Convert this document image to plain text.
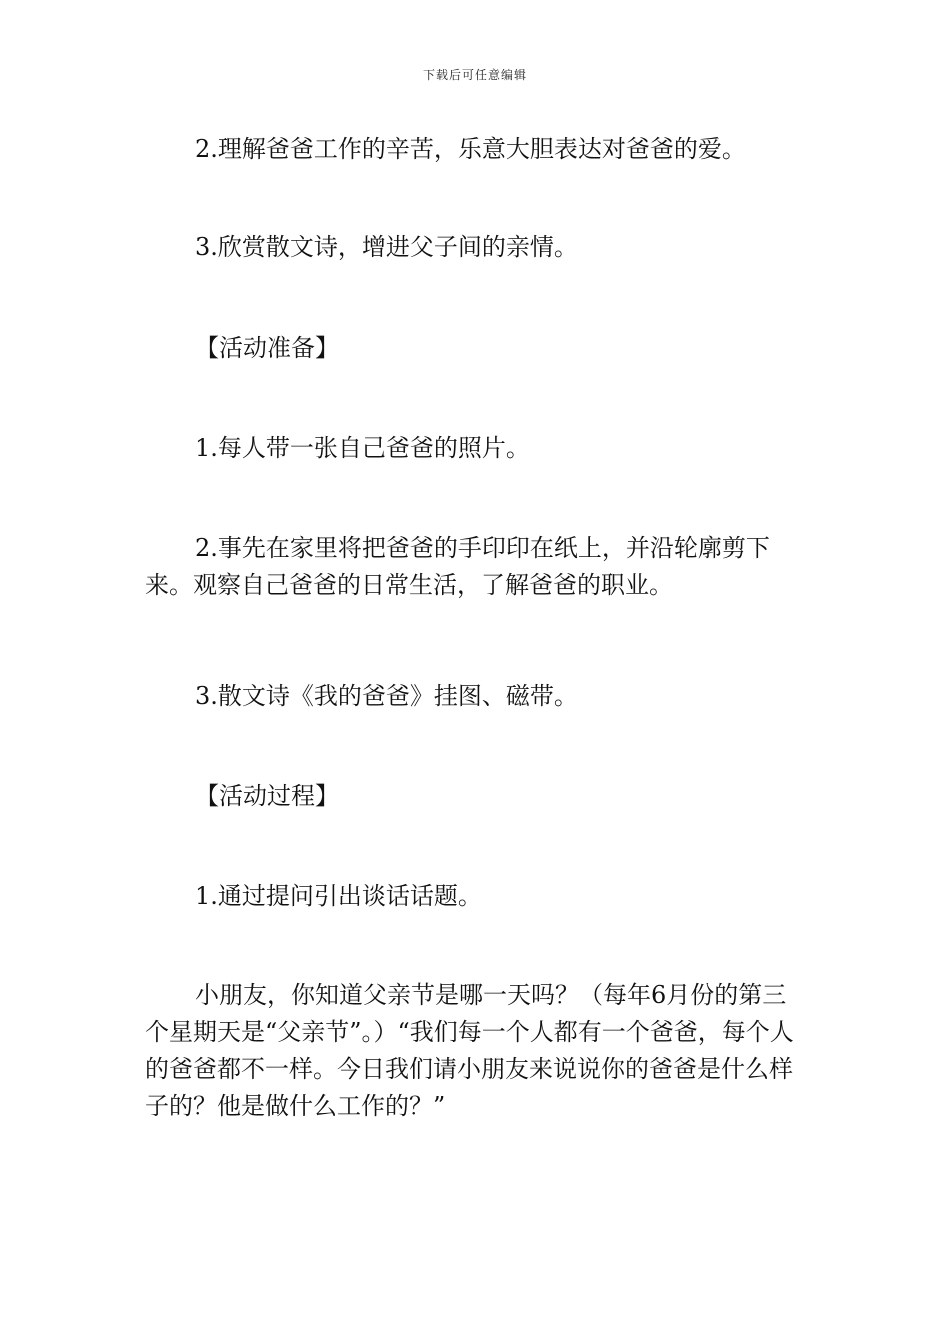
下载后可任意编辑

2.理解爸爸工作的辛苦，乐意大胆表达对爸爸的爱。

3.欣赏散文诗，增进父子间的亲情。

【活动准备】

1.每人带一张自己爸爸的照片。

2.事先在家里将把爸爸的手印印在纸上，并沿轮廓剪下来。观察自己爸爸的日常生活，了解爸爸的职业。

3.散文诗《我的爸爸》挂图、磁带。

【活动过程】

1.通过提问引出谈话话题。

小朋友，你知道父亲节是哪一天吗？（每年6月份的第三个星期天是“父亲节”。）“我们每一个人都有一个爸爸，每个人的爸爸都不一样。今日我们请小朋友来说说你的爸爸是什么样子的？他是做什么工作的？”
